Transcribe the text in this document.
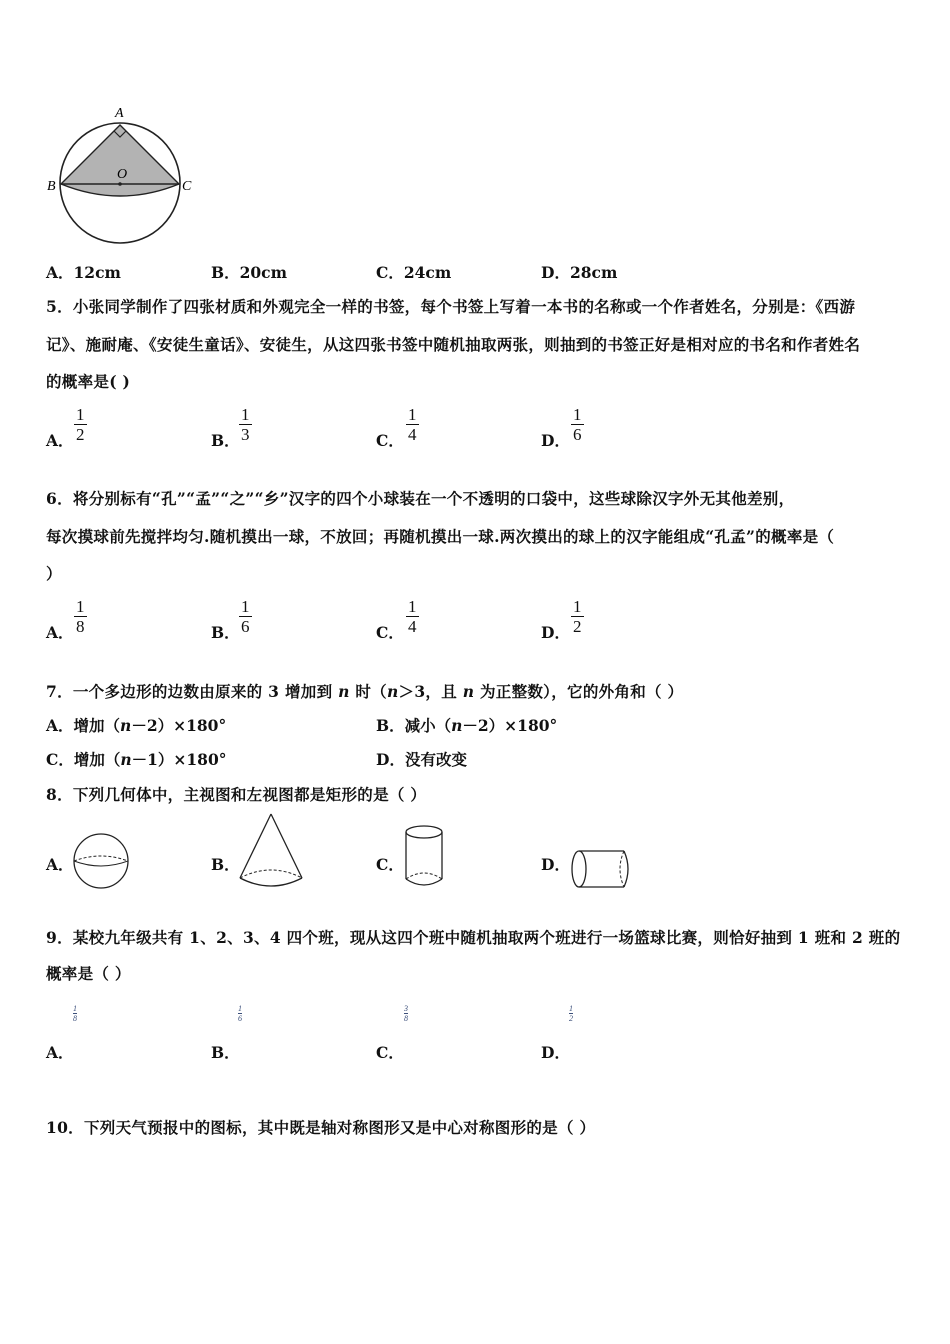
A
B	C
O
A．12cm	B．20cm	C．24cm	D．28cm
5．小张同学制作了四张材质和外观完全一样的书签，每个书签上写着一本书的名称或一个作者姓名，分别是：《西游
记》、施耐庵、《安徒生童话》、安徒生，从这四张书签中随机抽取两张，则抽到的书签正好是相对应的书名和作者姓名
的概率是( )
A． $\frac{1}{2}$	B． $\frac{1}{3}$	C． $\frac{1}{4}$	D． $\frac{1}{6}$
6．将分别标有“孔”“孟”“之”“乡”汉字的四个小球装在一个不透明的口袋中，这些球除汉字外无其他差别，
每次摸球前先搅拌均匀.随机摸出一球，不放回；再随机摸出一球.两次摸出的球上的汉字能组成“孔孟”的概率是（
）
A． $\frac{1}{8}$	B． $\frac{1}{6}$	C． $\frac{1}{4}$	D． $\frac{1}{2}$
7．一个多边形的边数由原来的 3 增加到 n 时（n＞3，且 n 为正整数），它的外角和（ ）
A．增加（n－2）×180°	B．减小（n－2）×180°
C．增加（n－1）×180°	D．没有改变
8．下列几何体中，主视图和左视图都是矩形的是（ ）
A．	B．	C．	D．
9．某校九年级共有 1、2、3、4 四个班，现从这四个班中随机抽取两个班进行一场篮球比赛，则恰好抽到 1 班和 2 班的
概率是（ ）
$\frac{1}{8}$
A．
$\frac{1}{6}$
B．
$\frac{3}{8}$
C．
$\frac{1}{2}$
D．
10．下列天气预报中的图标，其中既是轴对称图形又是中心对称图形的是（ ）
